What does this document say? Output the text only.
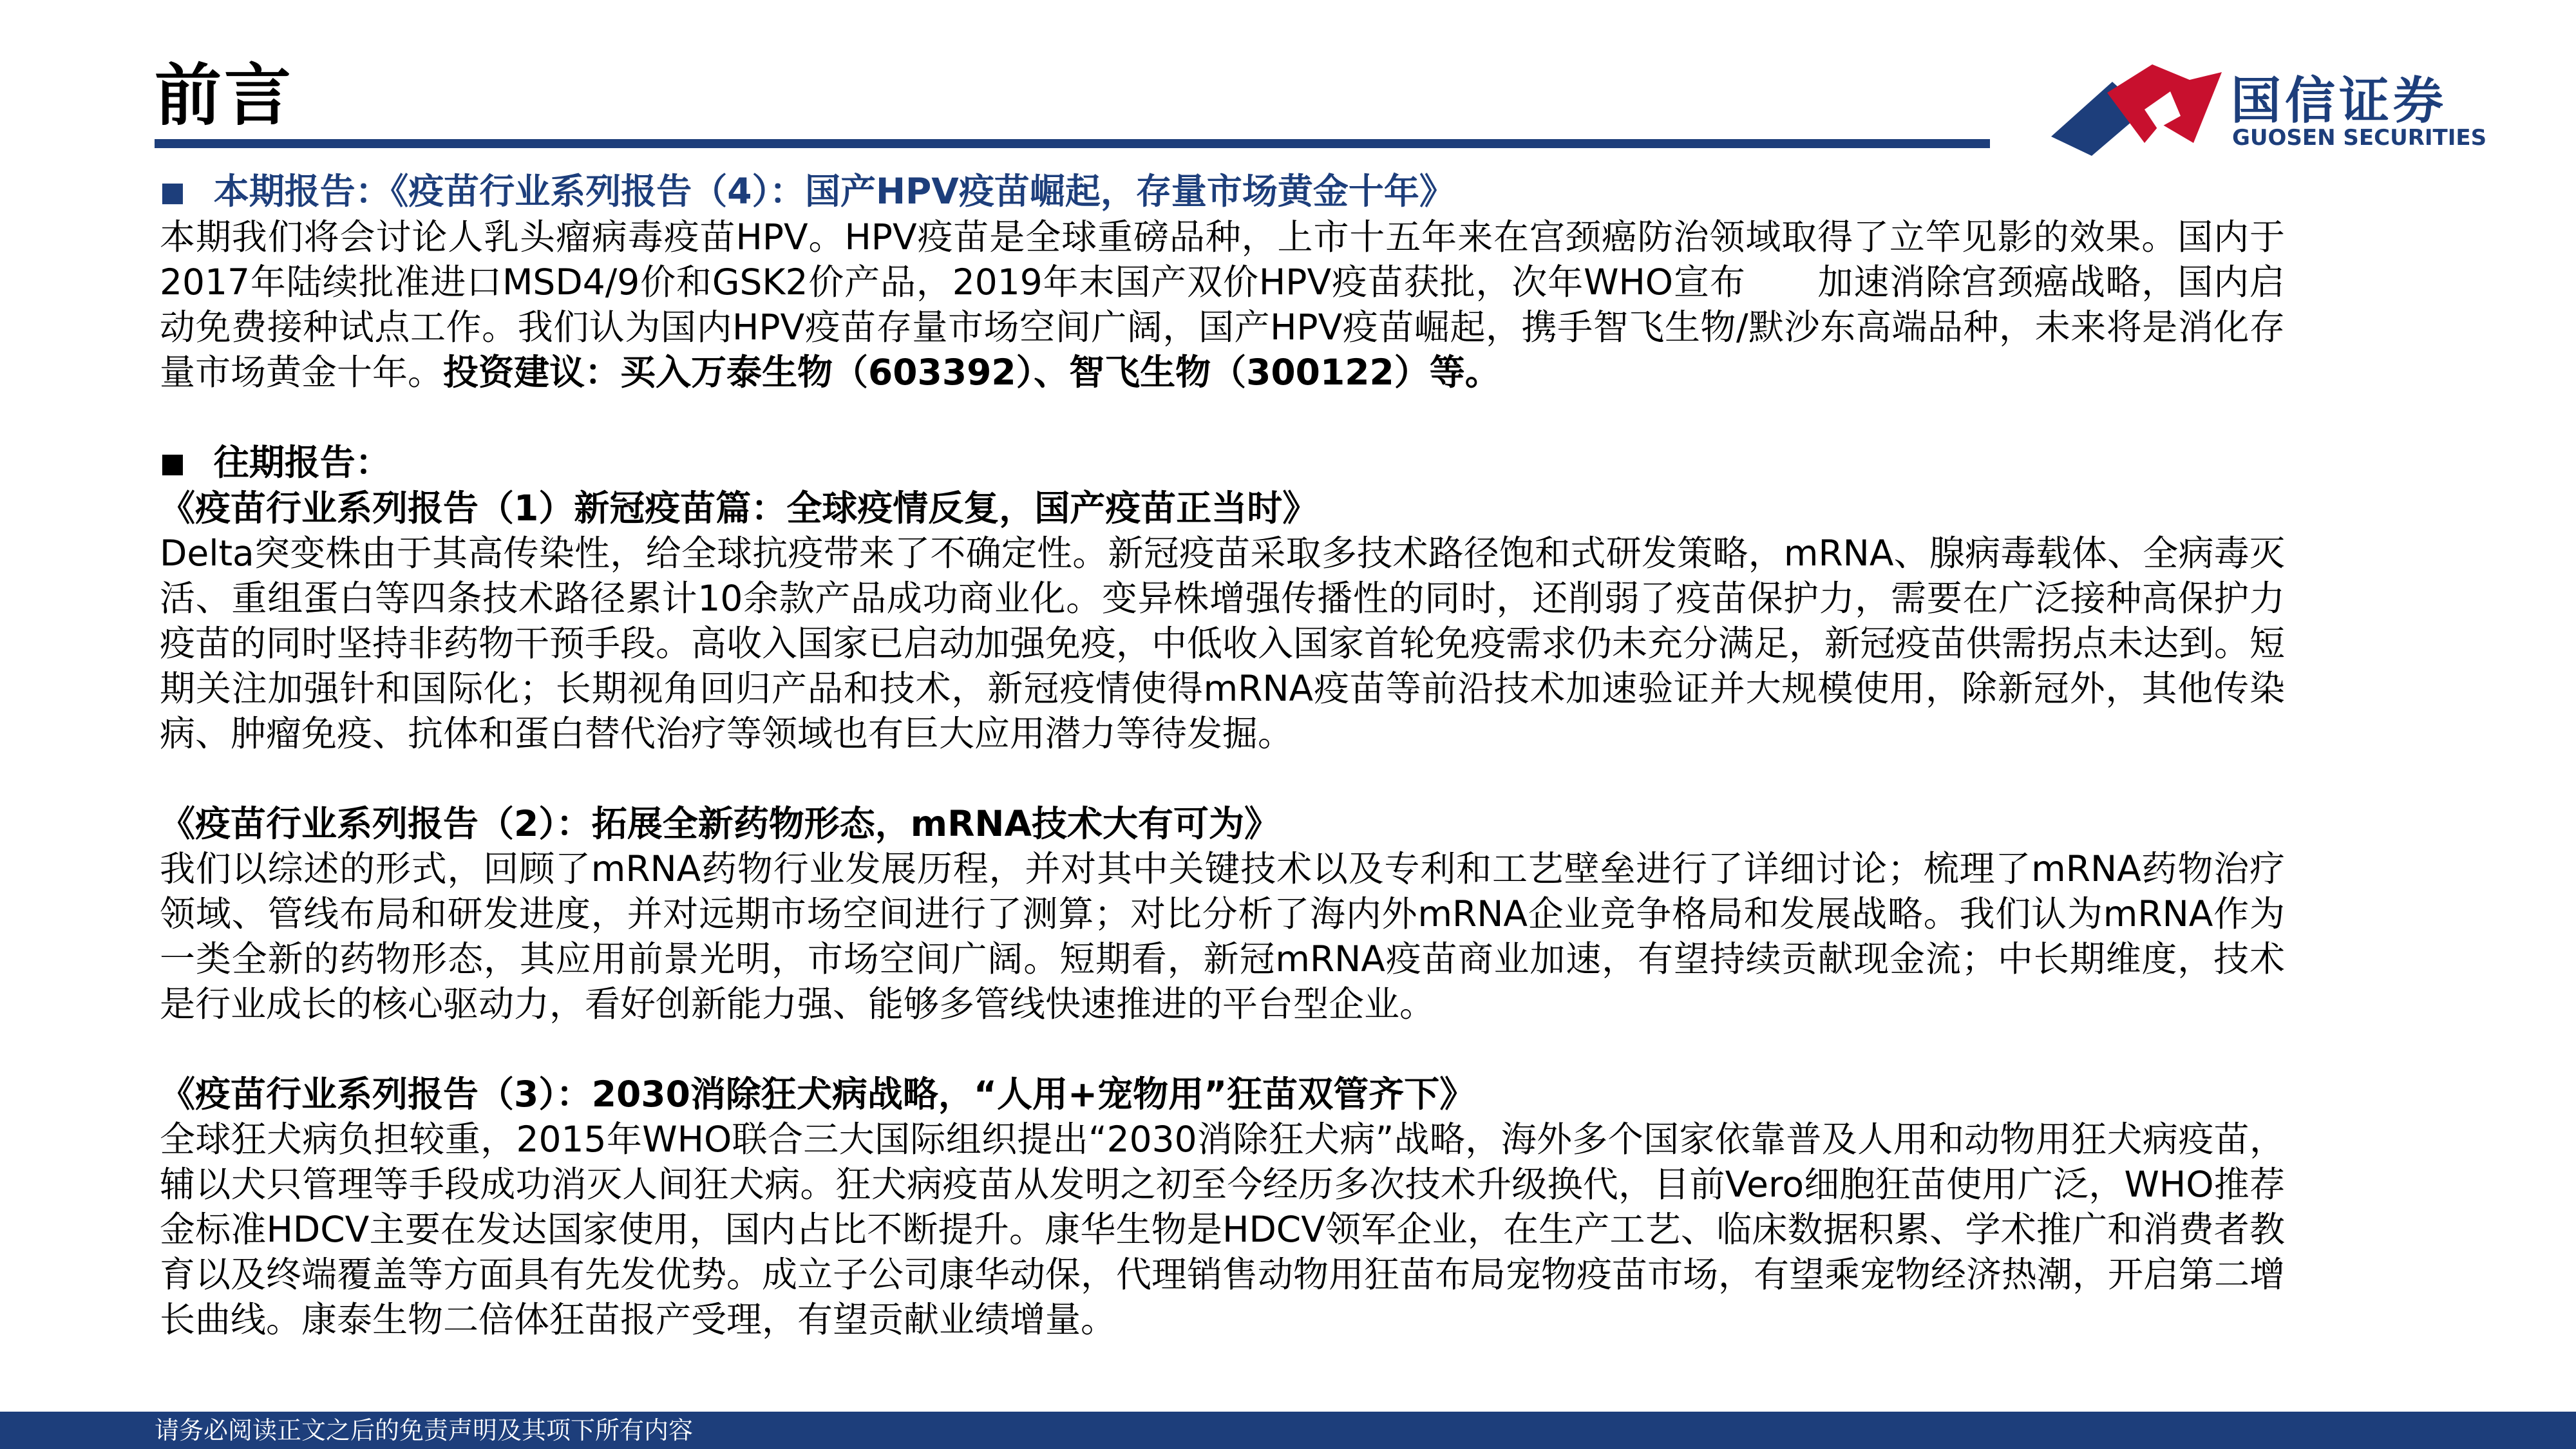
前言	国信证券
GUOSEN SECURITIES
■ 本期报告：《疫苗行业系列报告（4）：国产HPV疫苗崛起，存量市场黄金十年》

本期我们将会讨论人乳头瘤病毒疫苗HPV。HPV疫苗是全球重磅品种，上市十五年来在宫颈癌防治领域取得了立竿见影的效果。国内于2017年陆续批准进口MSD4/9价和GSK2价产品，2019年末国产双价HPV疫苗获批，次年WHO宣布　　加速消除宫颈癌战略，国内启动免费接种试点工作。我们认为国内HPV疫苗存量市场空间广阔，国产HPV疫苗崛起，携手智飞生物/默沙东高端品种，未来将是消化存量市场黄金十年。投资建议：买入万泰生物（603392）、智飞生物（300122）等。

■ 往期报告：
《疫苗行业系列报告（1）新冠疫苗篇：全球疫情反复，国产疫苗正当时》

Delta突变株由于其高传染性，给全球抗疫带来了不确定性。新冠疫苗采取多技术路径饱和式研发策略，mRNA、腺病毒载体、全病毒灭活、重组蛋白等四条技术路径累计10余款产品成功商业化。变异株增强传播性的同时，还削弱了疫苗保护力，需要在广泛接种高保护力疫苗的同时坚持非药物干预手段。高收入国家已启动加强免疫，中低收入国家首轮免疫需求仍未充分满足，新冠疫苗供需拐点未达到。短期关注加强针和国际化；长期视角回归产品和技术，新冠疫情使得mRNA疫苗等前沿技术加速验证并大规模使用，除新冠外，其他传染病、肿瘤免疫、抗体和蛋白替代治疗等领域也有巨大应用潜力等待发掘。

《疫苗行业系列报告（2）：拓展全新药物形态，mRNA技术大有可为》

我们以综述的形式，回顾了mRNA药物行业发展历程，并对其中关键技术以及专利和工艺壁垒进行了详细讨论；梳理了mRNA药物治疗领域、管线布局和研发进度，并对远期市场空间进行了测算；对比分析了海内外mRNA企业竞争格局和发展战略。我们认为mRNA作为一类全新的药物形态，其应用前景光明，市场空间广阔。短期看，新冠mRNA疫苗商业加速，有望持续贡献现金流；中长期维度，技术是行业成长的核心驱动力，看好创新能力强、能够多管线快速推进的平台型企业。

《疫苗行业系列报告（3）：2030消除狂犬病战略，“人用+宠物用”狂苗双管齐下》

全球狂犬病负担较重，2015年WHO联合三大国际组织提出“2030消除狂犬病”战略，海外多个国家依靠普及人用和动物用狂犬病疫苗，辅以犬只管理等手段成功消灭人间狂犬病。狂犬病疫苗从发明之初至今经历多次技术升级换代，目前Vero细胞狂苗使用广泛，WHO推荐金标准HDCV主要在发达国家使用，国内占比不断提升。康华生物是HDCV领军企业，在生产工艺、临床数据积累、学术推广和消费者教育以及终端覆盖等方面具有先发优势。成立子公司康华动保，代理销售动物用狂苗布局宠物疫苗市场，有望乘宠物经济热潮，开启第二增长曲线。康泰生物二倍体狂苗报产受理，有望贡献业绩增量。

请务必阅读正文之后的免责声明及其项下所有内容
